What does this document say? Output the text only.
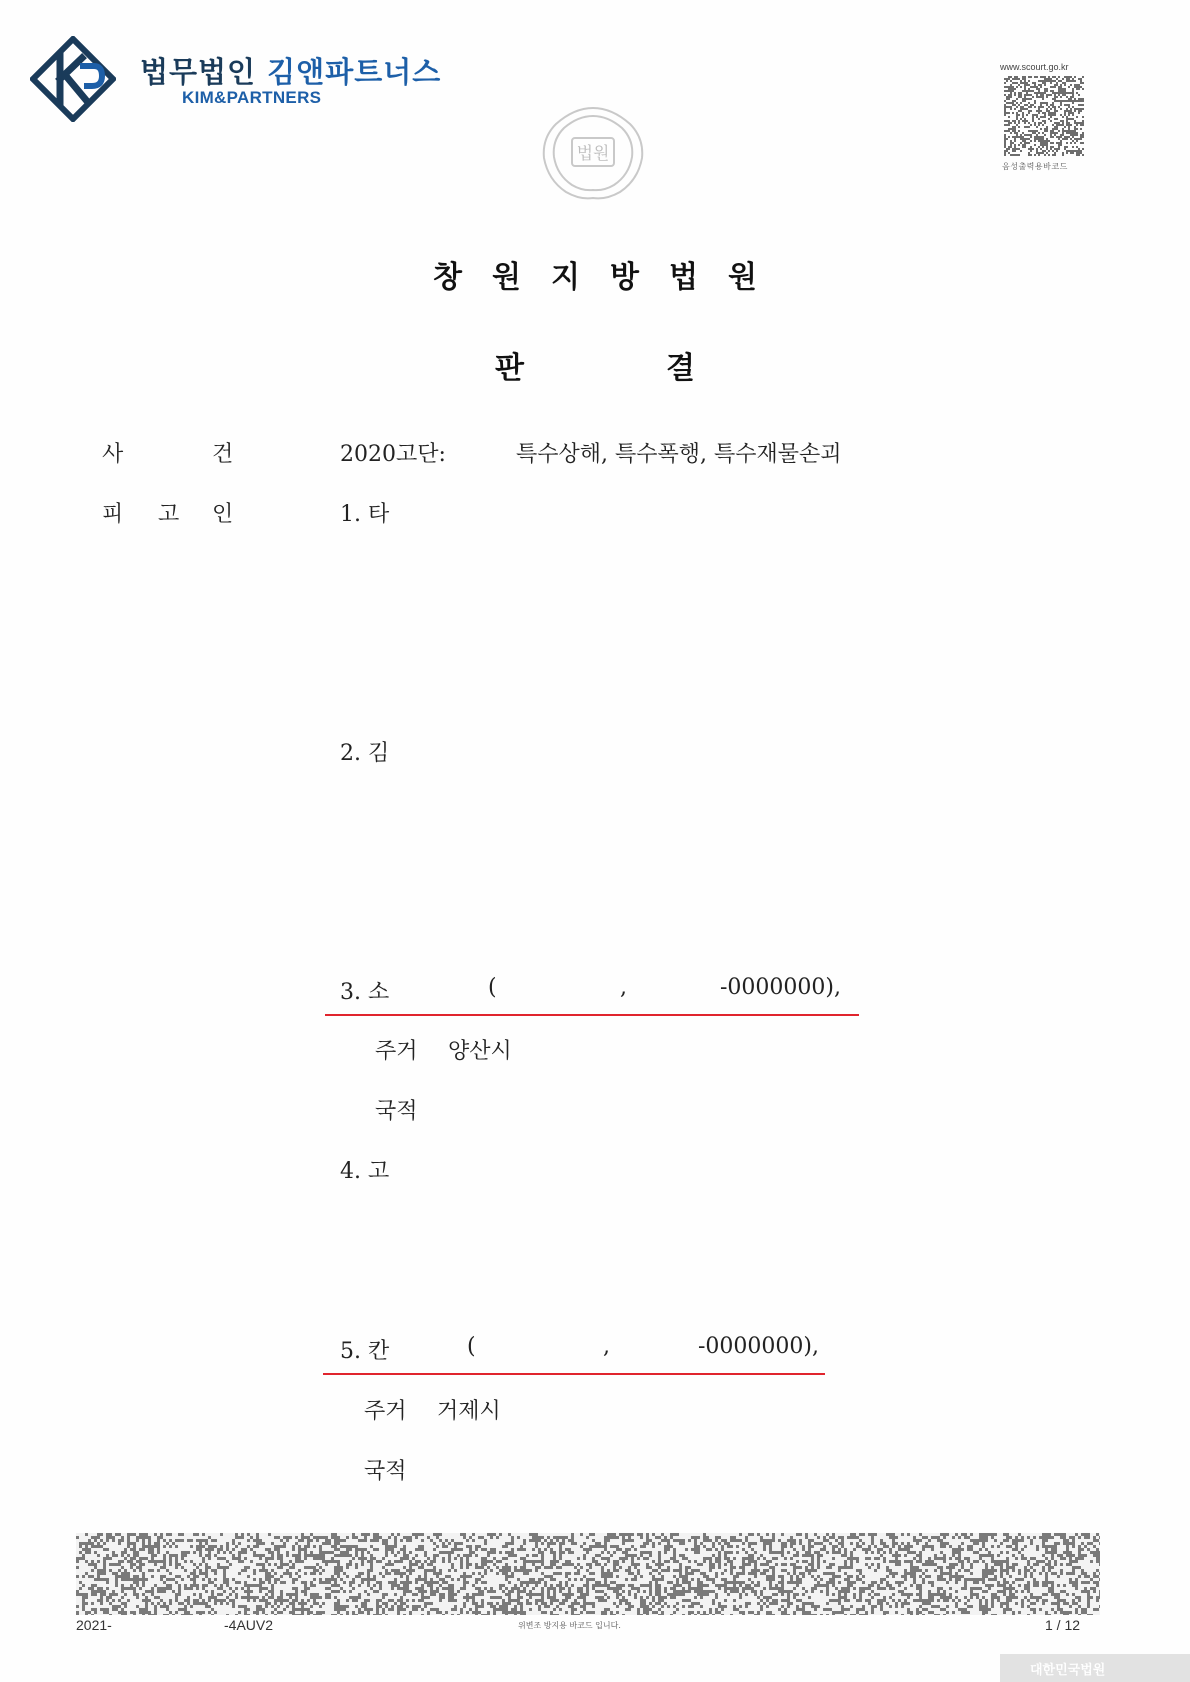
법무법인 김앤파트너스
KIM&PARTNERS
법원
www.scourt.go.kr
음성출력용바코드
창원지방법원
판	결
사	건	2020고단:	특수상해, 특수폭행, 특수재물손괴
피 고 인	1. 타
2. 김
3. 소	(	,	-0000000),
주거 양산시
국적
4. 고
5. 칸	(	,	-0000000),
주거 거제시
국적
2021-	-4AUV2	위변조 방지용 바코드 입니다.	1 / 12
대한민국법원
